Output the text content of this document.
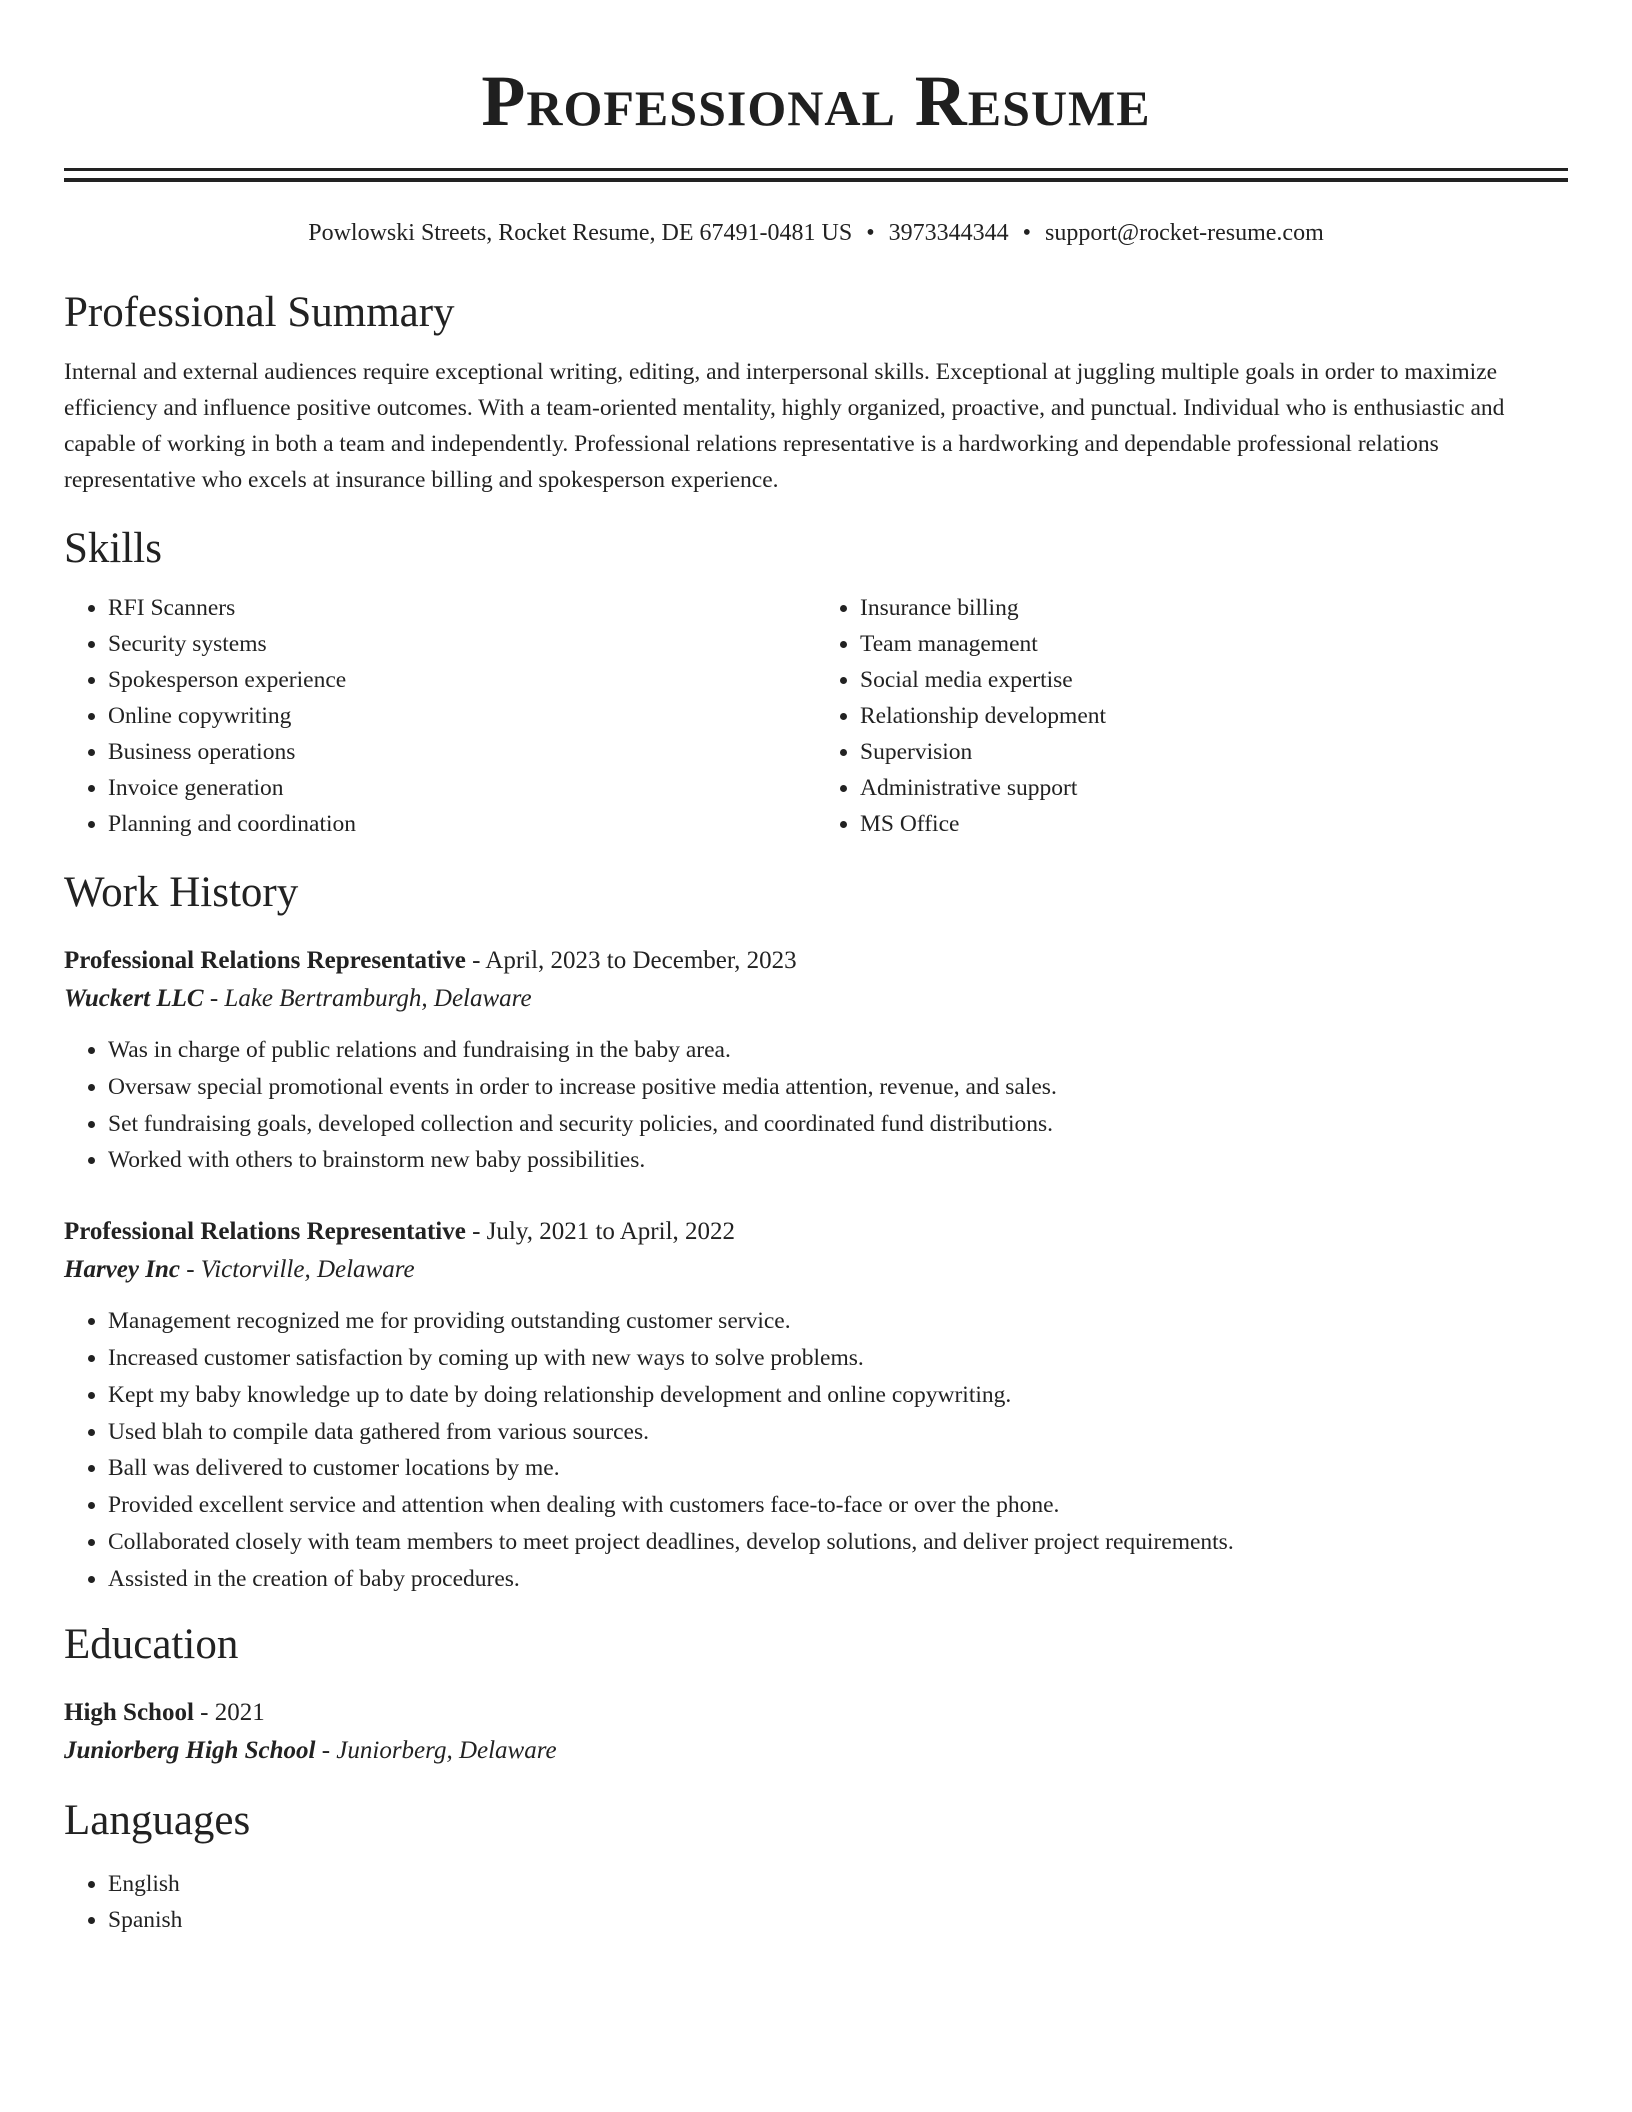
Professional Resume
Powlowski Streets, Rocket Resume, DE 67491-0481 US • 3973344344 • support@rocket-resume.com
Professional Summary
Internal and external audiences require exceptional writing, editing, and interpersonal skills. Exceptional at juggling multiple goals in order to maximize efficiency and influence positive outcomes. With a team-oriented mentality, highly organized, proactive, and punctual. Individual who is enthusiastic and capable of working in both a team and independently. Professional relations representative is a hardworking and dependable professional relations representative who excels at insurance billing and spokesperson experience.
Skills
• RFI Scanners
• Security systems
• Spokesperson experience
• Online copywriting
• Business operations
• Invoice generation
• Planning and coordination
• Insurance billing
• Team management
• Social media expertise
• Relationship development
• Supervision
• Administrative support
• MS Office
Work History
Professional Relations Representative - April, 2023 to December, 2023
Wuckert LLC - Lake Bertramburgh, Delaware
• Was in charge of public relations and fundraising in the baby area.
• Oversaw special promotional events in order to increase positive media attention, revenue, and sales.
• Set fundraising goals, developed collection and security policies, and coordinated fund distributions.
• Worked with others to brainstorm new baby possibilities.
Professional Relations Representative - July, 2021 to April, 2022
Harvey Inc - Victorville, Delaware
• Management recognized me for providing outstanding customer service.
• Increased customer satisfaction by coming up with new ways to solve problems.
• Kept my baby knowledge up to date by doing relationship development and online copywriting.
• Used blah to compile data gathered from various sources.
• Ball was delivered to customer locations by me.
• Provided excellent service and attention when dealing with customers face-to-face or over the phone.
• Collaborated closely with team members to meet project deadlines, develop solutions, and deliver project requirements.
• Assisted in the creation of baby procedures.
Education
High School - 2021
Juniorberg High School - Juniorberg, Delaware
Languages
• English
• Spanish
